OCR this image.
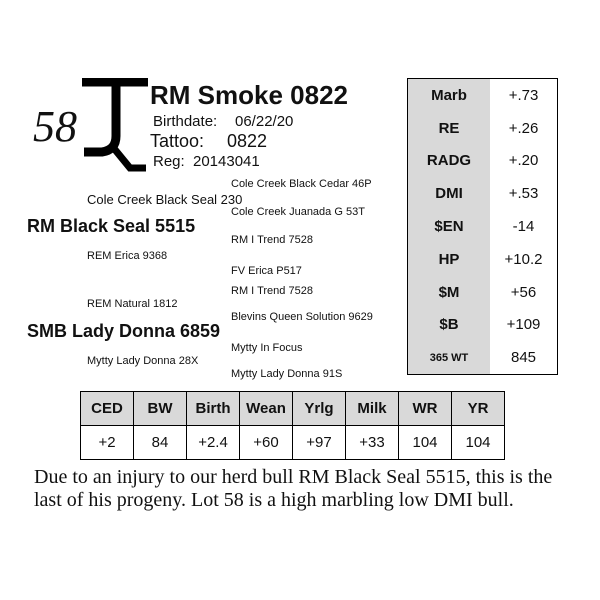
58
RM Smoke 0822
Birthdate: 06/22/20
Tattoo: 0822
Reg: 20143041
Cole Creek Black Cedar 46P
Cole Creek Black Seal 230
Cole Creek Juanada G 53T
RM Black Seal 5515
RM I Trend 7528
REM Erica 9368
FV Erica P517
RM I Trend 7528
REM Natural 1812
Blevins Queen Solution 9629
SMB Lady Donna 6859
Mytty In Focus
Mytty Lady Donna 28X
Mytty Lady Donna 91S
Marb	+.73
RE	+.26
RADG	+.20
DMI	+.53
$EN	-14
HP	+10.2
$M	+56
$B	+109
365 WT	845
CED	BW	Birth	Wean	Yrlg	Milk	WR	YR
+2	84	+2.4	+60	+97	+33	104	104
Due to an injury to our herd bull RM Black Seal 5515, this is the last of his progeny. Lot 58 is a high marbling low DMI bull.
